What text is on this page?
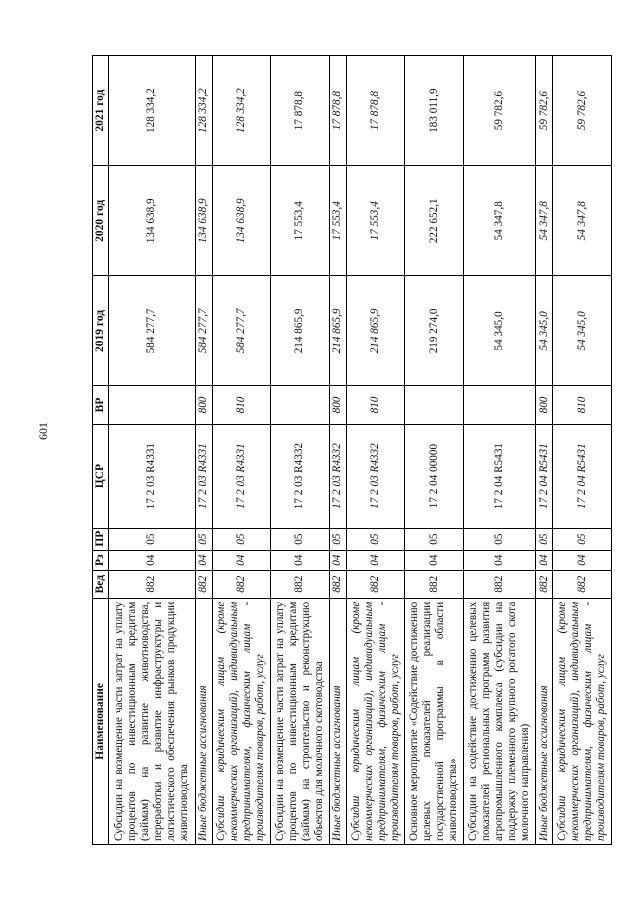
601
Наименование	Вед	Рз	ПР	ЦСР	ВР	2019 год	2020 год	2021 год
Субсидии на возмещение части затрат на уплату процентов по инвестиционным кредитам (займам) на развитие животноводства, переработки и развитие инфраструктуры и логистического обеспечения рынков продукции животноводства	882	04	05	17 2 03 R4331		584 277,7	134 638,9	128 334,2
Иные бюджетные ассигнования	882	04	05	17 2 03 R4331	800	584 277,7	134 638,9	128 334,2
Субсидии юридическим лицам (кроме некоммерческих организаций), индивидуальным предпринимателям, физическим лицам - производителям товаров, работ, услуг	882	04	05	17 2 03 R4331	810	584 277,7	134 638,9	128 334,2
Субсидии на возмещение части затрат на уплату процентов по инвестиционным кредитам (займам) на строительство и реконструкцию объектов для молочного скотоводства	882	04	05	17 2 03 R4332		214 865,9	17 553,4	17 878,8
Иные бюджетные ассигнования	882	04	05	17 2 03 R4332	800	214 865,9	17 553,4	17 878,8
Субсидии юридическим лицам (кроме некоммерческих организаций), индивидуальным предпринимателям, физическим лицам - производителям товаров, работ, услуг	882	04	05	17 2 03 R4332	810	214 865,9	17 553,4	17 878,8
Основное мероприятие «Содействие достижению целевых показателей реализации государственной программы в области животноводства»	882	04	05	17 2 04 00000		219 274,0	222 652,1	183 011,9
Субсидии на содействие достижению целевых показателей региональных программ развития агропромышленного комплекса (субсидии на поддержку племенного крупного рогатого скота молочного направления)	882	04	05	17 2 04 R5431		54 345,0	54 347,8	59 782,6
Иные бюджетные ассигнования	882	04	05	17 2 04 R5431	800	54 345,0	54 347,8	59 782,6
Субсидии юридическим лицам (кроме некоммерческих организаций), индивидуальным предпринимателям, физическим лицам - производителям товаров, работ, услуг	882	04	05	17 2 04 R5431	810	54 345,0	54 347,8	59 782,6
